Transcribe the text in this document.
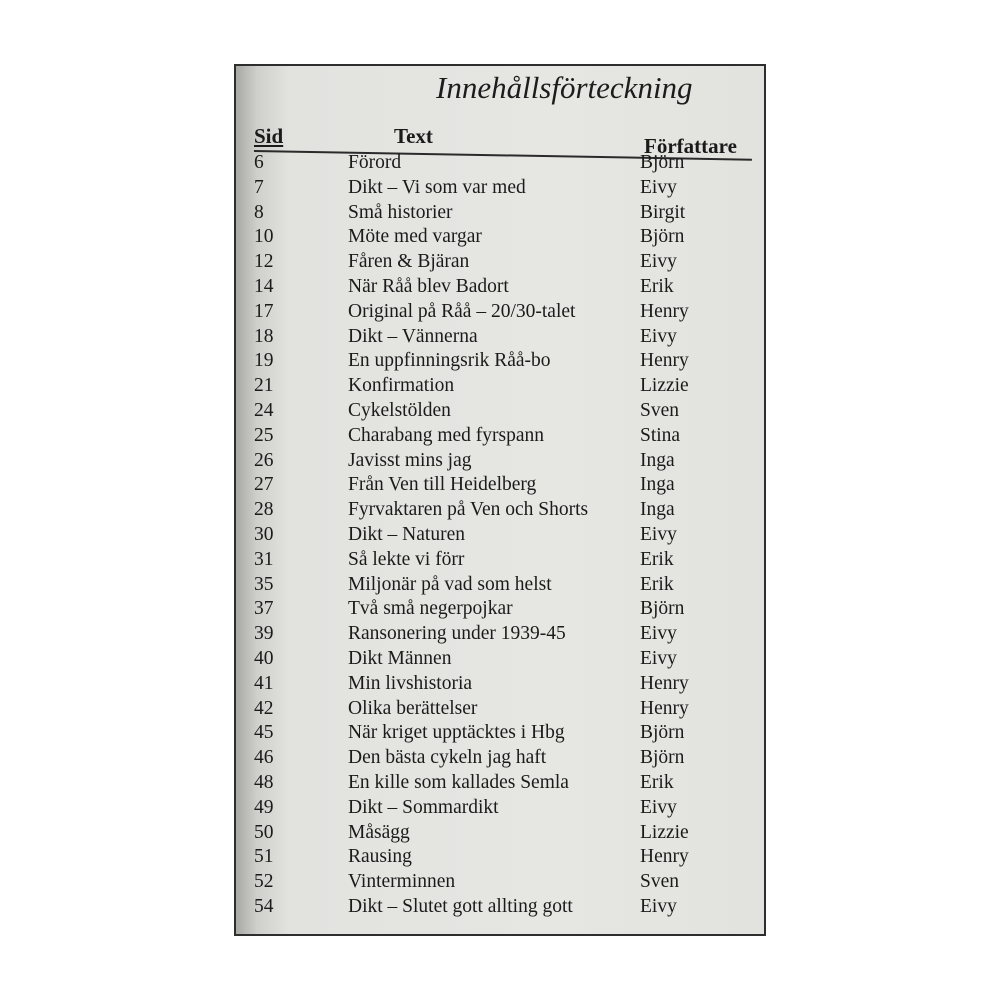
Innehållsförteckning
Sid	Text	Författare
6	Förord	Björn
7	Dikt – Vi som var med	Eivy
8	Små historier	Birgit
10	Möte med vargar	Björn
12	Fåren & Bjäran	Eivy
14	När Råå blev Badort	Erik
17	Original på Råå – 20/30-talet	Henry
18	Dikt – Vännerna	Eivy
19	En uppfinningsrik Råå-bo	Henry
21	Konfirmation	Lizzie
24	Cykelstölden	Sven
25	Charabang med fyrspann	Stina
26	Javisst mins jag	Inga
27	Från Ven till Heidelberg	Inga
28	Fyrvaktaren på Ven och Shorts	Inga
30	Dikt – Naturen	Eivy
31	Så lekte vi förr	Erik
35	Miljonär på vad som helst	Erik
37	Två små negerpojkar	Björn
39	Ransonering under 1939-45	Eivy
40	Dikt Männen	Eivy
41	Min livshistoria	Henry
42	Olika berättelser	Henry
45	När kriget upptäcktes i Hbg	Björn
46	Den bästa cykeln jag haft	Björn
48	En kille som kallades Semla	Erik
49	Dikt – Sommardikt	Eivy
50	Måsägg	Lizzie
51	Rausing	Henry
52	Vinterminnen	Sven
54	Dikt – Slutet gott allting gott	Eivy
